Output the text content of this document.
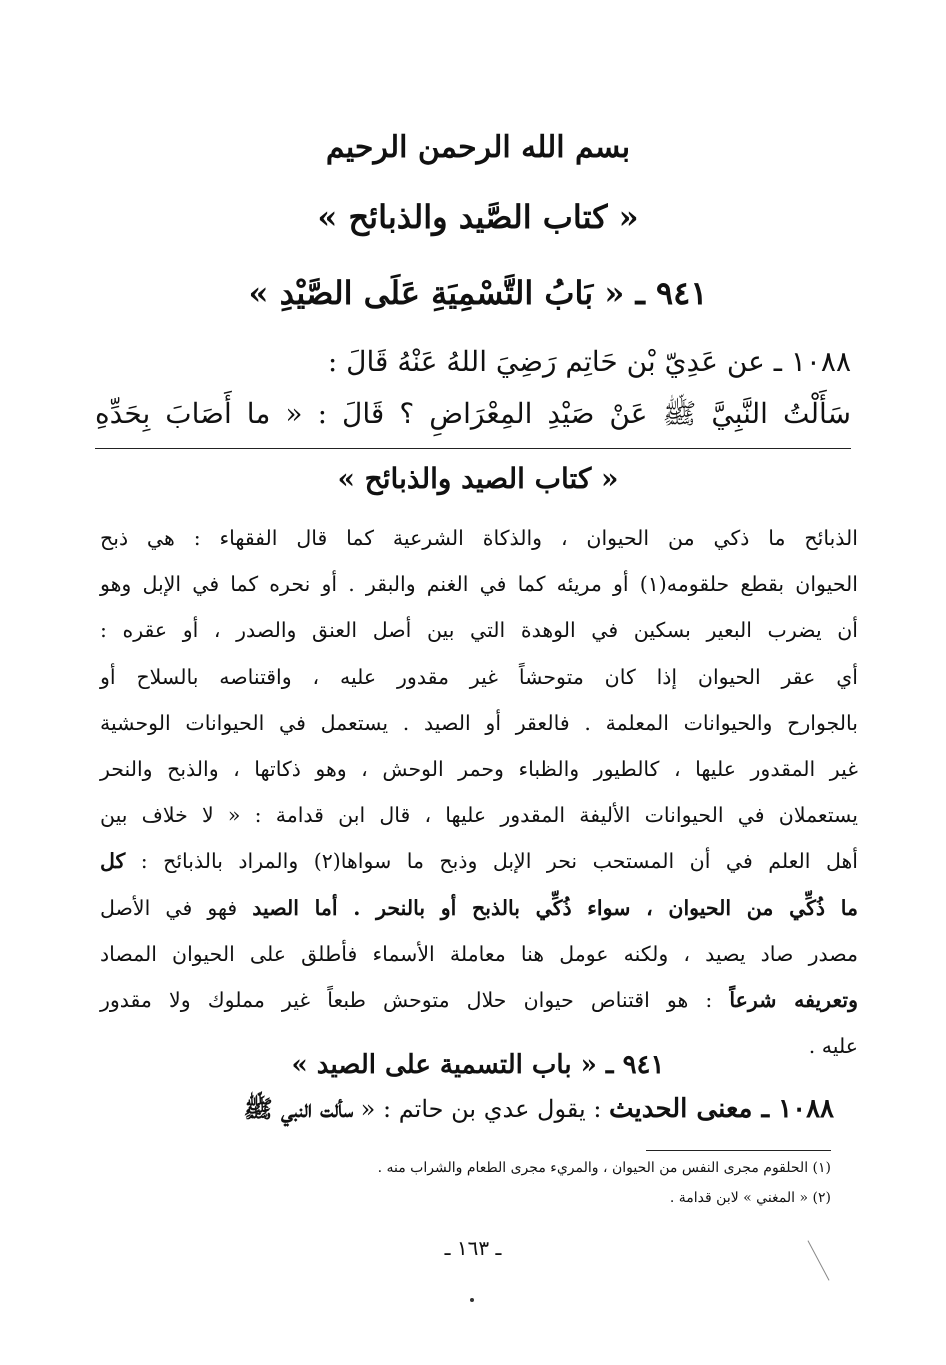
بسم الله الرحمن الرحيم
« كتاب الصَّيد والذبائح »
٩٤١ ـ « بَابُ التَّسْمِيَةِ عَلَى الصَّيْدِ »
١٠٨٨ ـ عن عَدِيّ بْن حَاتِم رَضِيَ اللهُ عَنْهُ قَالَ :
سَأَلْتُ النَّبِيَّ ﷺ عَنْ صَيْدِ المِعْرَاضِ ؟ قَالَ : « ما أَصَابَ بِحَدِّهِ
« كتاب الصيد والذبائح »

الذبائح ما ذكي من الحيوان ، والذكاة الشرعية كما قال الفقهاء : هي ذبح

الحيوان بقطع حلقومه(١) أو مريئه كما في الغنم والبقر . أو نحره كما في الإبل وهو

أن يضرب البعير بسكين في الوهدة التي بين أصل العنق والصدر ، أو عقره :

أي عقر الحيوان إذا كان متوحشاً غير مقدور عليه ، واقتناصه بالسلاح أو

بالجوارح والحيوانات المعلمة . فالعقر أو الصيد . يستعمل في الحيوانات الوحشية

غير المقدور عليها ، كالطيور والظباء وحمر الوحش ، وهو ذكاتها ، والذبح والنحر

يستعملان في الحيوانات الأليفة المقدور عليها ، قال ابن قدامة : « لا خلاف بين

أهل العلم في أن المستحب نحر الإبل وذبح ما سواها(٢) والمراد بالذبائح : كل

ما ذُكِّي من الحيوان ، سواء ذُكِّي بالذبح أو بالنحر . أما الصيد فهو في الأصل

مصدر صاد يصيد ، ولكنه عومل هنا معاملة الأسماء فأطلق على الحيوان المصاد

وتعريفه شرعاً : هو اقتناص حيوان حلال متوحش طبعاً غير مملوك ولا مقدور

عليه .

٩٤١ ـ « باب التسمية على الصيد »
١٠٨٨ ـ معنى الحديث : يقول عدي بن حاتم : « سألت النبي ﷺ
(١) الحلقوم مجرى النفس من الحيوان ، والمريء مجرى الطعام والشراب منه .
(٢) « المغني » لابن قدامة .
ـ ١٦٣ ـ
